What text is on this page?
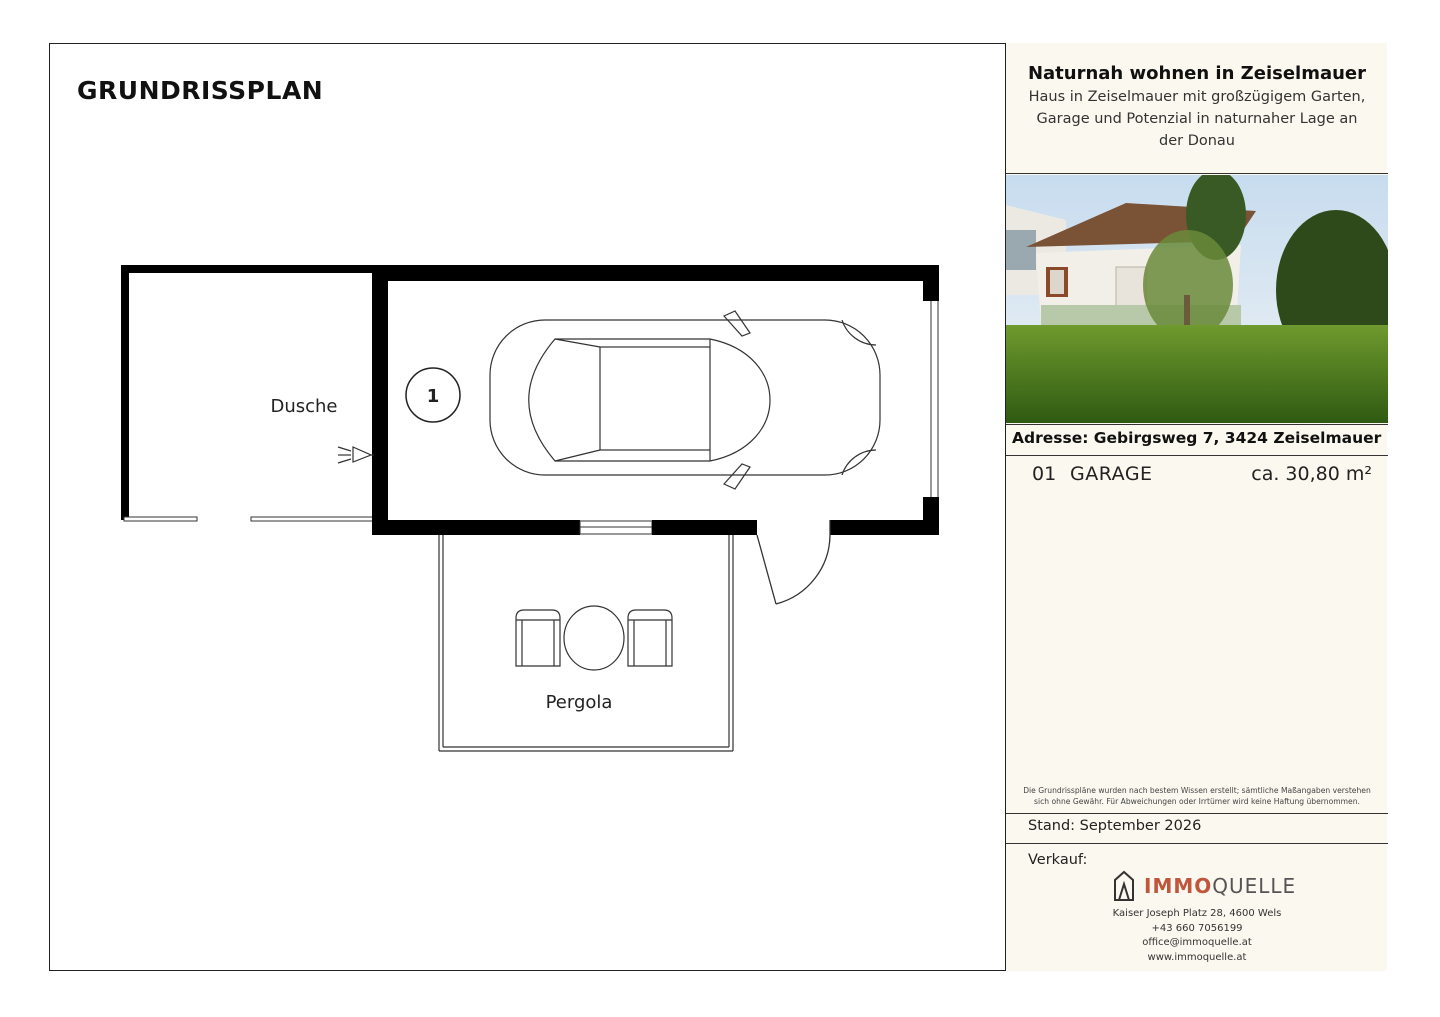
GRUNDRISSPLAN
1
Dusche
Pergola
Naturnah wohnen in Zeiselmauer
Haus in Zeiselmauer mit großzügigem Garten, Garage und Potenzial in naturnaher Lage an der Donau
Adresse: Gebirgsweg 7, 3424 Zeiselmauer
01 GARAGE	ca. 30,80 m²
Die Grundrisspläne wurden nach bestem Wissen erstellt; sämtliche Maßangaben verstehen sich ohne Gewähr. Für Abweichungen oder Irrtümer wird keine Haftung übernommen.
Stand: September 2026
Verkauf:
IMMOQUELLE
Kaiser Joseph Platz 28, 4600 Wels
+43 660 7056199
office@immoquelle.at
www.immoquelle.at
